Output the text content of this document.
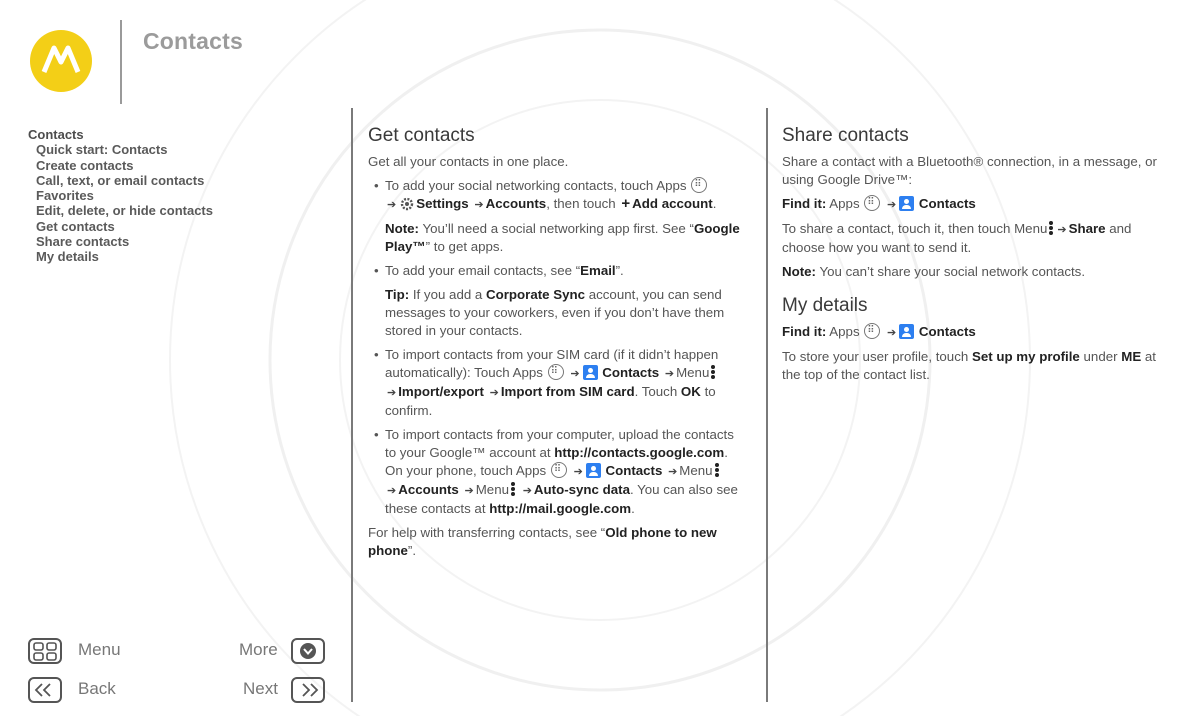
Contacts
Contacts
Quick start: Contacts
Create contacts
Call, text, or email contacts
Favorites
Edit, delete, or hide contacts
Get contacts
Share contacts
My details
Get contacts

Get all your contacts in one place.

• To add your social networking contacts, touch Apps ⠿
➔ Settings ➔ Accounts, then touch + Add account.
Note: You’ll need a social networking app first. See “Google Play™” to get apps.
• To add your email contacts, see “Email”.
Tip: If you add a Corporate Sync account, you can send messages to your coworkers, even if you don’t have them stored in your contacts.
• To import contacts from your SIM card (if it didn’t happen automatically): Touch Apps ⠿ ➔ Contacts ➔ Menu

➔ Import/export ➔ Import from SIM card. Touch OK to confirm.
• To import contacts from your computer, upload the contacts to your Google™ account at http://contacts.google.com. On your phone, touch Apps ⠿ ➔ Contacts ➔ Menu

➔ Accounts ➔ Menu ➔ Auto-sync data. You can also see these contacts at http://mail.google.com.

For help with transferring contacts, see “Old phone to new phone”.

Share contacts

Share a contact with a Bluetooth® connection, in a message, or using Google Drive™:

Find it: Apps ⠿ ➔ Contacts

To share a contact, touch it, then touch Menu ➔ Share and choose how you want to send it.

Note: You can’t share your social network contacts.

My details

Find it: Apps ⠿ ➔ Contacts

To store your user profile, touch Set up my profile under ME at the top of the contact list.

Menu	More
Back	Next
